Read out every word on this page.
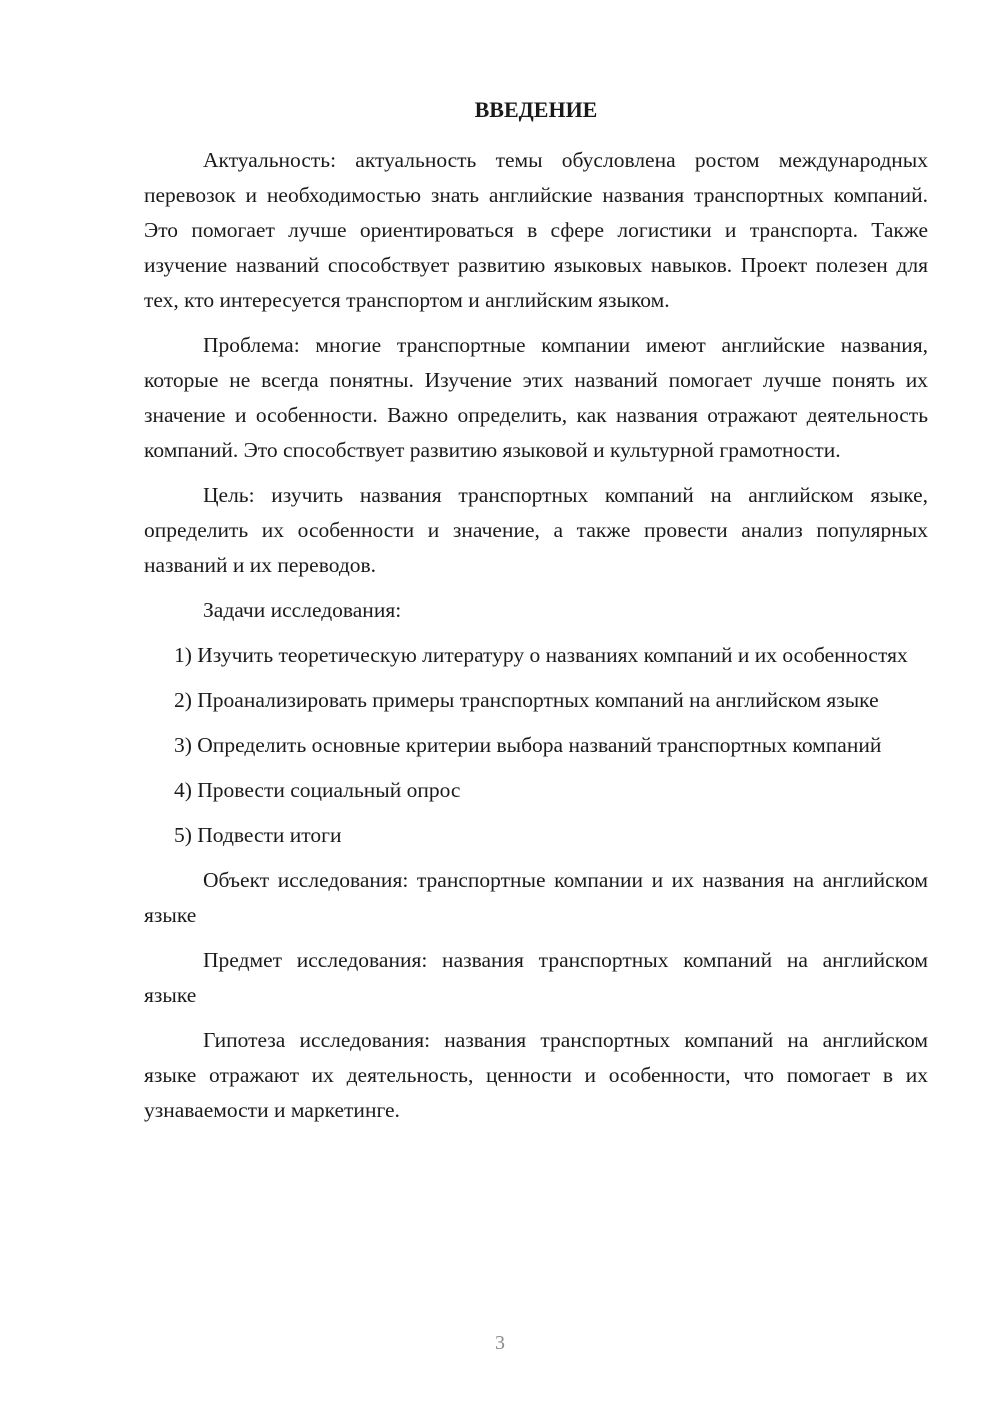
ВВЕДЕНИЕ

Актуальность: актуальность темы обусловлена ростом международных перевозок и необходимостью знать английские названия транспортных компаний. Это помогает лучше ориентироваться в сфере логистики и транспорта. Также изучение названий способствует развитию языковых навыков. Проект полезен для тех, кто интересуется транспортом и английским языком.

Проблема: многие транспортные компании имеют английские названия, которые не всегда понятны. Изучение этих названий помогает лучше понять их значение и особенности. Важно определить, как названия отражают деятельность компаний. Это способствует развитию языковой и культурной грамотности.

Цель: изучить названия транспортных компаний на английском языке, определить их особенности и значение, а также провести анализ популярных названий и их переводов.

Задачи исследования:

1) Изучить теоретическую литературу о названиях компаний и их особенностях

2) Проанализировать примеры транспортных компаний на английском языке

3) Определить основные критерии выбора названий транспортных компаний

4) Провести социальный опрос

5) Подвести итоги

Объект исследования: транспортные компании и их названия на английском языке

Предмет исследования: названия транспортных компаний на английском языке

Гипотеза исследования: названия транспортных компаний на английском языке отражают их деятельность, ценности и особенности, что помогает в их узнаваемости и маркетинге.

3
